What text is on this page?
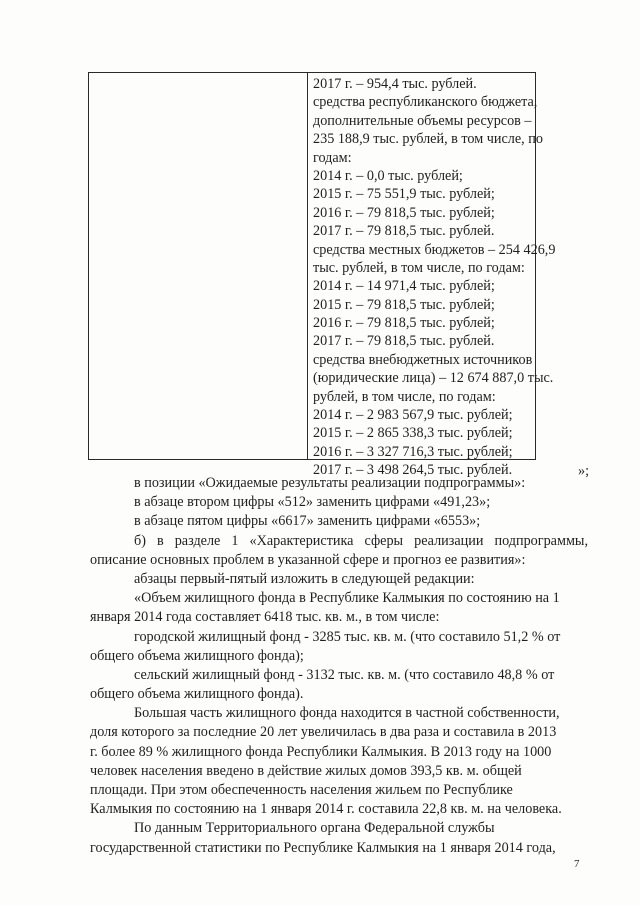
2017 г. – 954,4 тыс. рублей.
средства республиканского бюджета,
дополнительные объемы ресурсов –
235 188,9 тыс. рублей, в том числе, по
годам:
2014 г. – 0,0 тыс. рублей;
2015 г. – 75 551,9 тыс. рублей;
2016 г. – 79 818,5 тыс. рублей;
2017 г. – 79 818,5 тыс. рублей.
средства местных бюджетов – 254 426,9
тыс. рублей, в том числе, по годам:
2014 г. – 14 971,4 тыс. рублей;
2015 г. – 79 818,5 тыс. рублей;
2016 г. – 79 818,5 тыс. рублей;
2017 г. – 79 818,5 тыс. рублей.
средства внебюджетных источников
(юридические лица) – 12 674 887,0 тыс.
рублей, в том числе, по годам:
2014 г. – 2 983 567,9 тыс. рублей;
2015 г. – 2 865 338,3 тыс. рублей;
2016 г. – 3 327 716,3 тыс. рублей;
2017 г. – 3 498 264,5 тыс. рублей.	»;
в позиции «Ожидаемые результаты реализации подпрограммы»:
в абзаце втором цифры «512» заменить цифрами «491,23»;
в абзаце пятом цифры «6617» заменить цифрами «6553»;
б) в разделе 1 «Характеристика сферы реализации подпрограммы,
описание основных проблем в указанной сфере и прогноз ее развития»:
абзацы первый-пятый изложить в следующей редакции:
«Объем жилищного фонда в Республике Калмыкия по состоянию на 1
января 2014 года составляет 6418 тыс. кв. м., в том числе:
городской жилищный фонд - 3285 тыс. кв. м. (что составило 51,2 % от
общего объема жилищного фонда);
сельский жилищный фонд - 3132 тыс. кв. м. (что составило 48,8 % от
общего объема жилищного фонда).
Большая часть жилищного фонда находится в частной собственности,
доля которого за последние 20 лет увеличилась в два раза и составила в 2013
г. более 89 % жилищного фонда Республики Калмыкия. В 2013 году на 1000
человек населения введено в действие жилых домов 393,5 кв. м. общей
площади. При этом обеспеченность населения жильем по Республике
Калмыкия по состоянию на 1 января 2014 г. составила 22,8 кв. м. на человека.
По данным Территориального органа Федеральной службы
государственной статистики по Республике Калмыкия на 1 января 2014 года,
7
